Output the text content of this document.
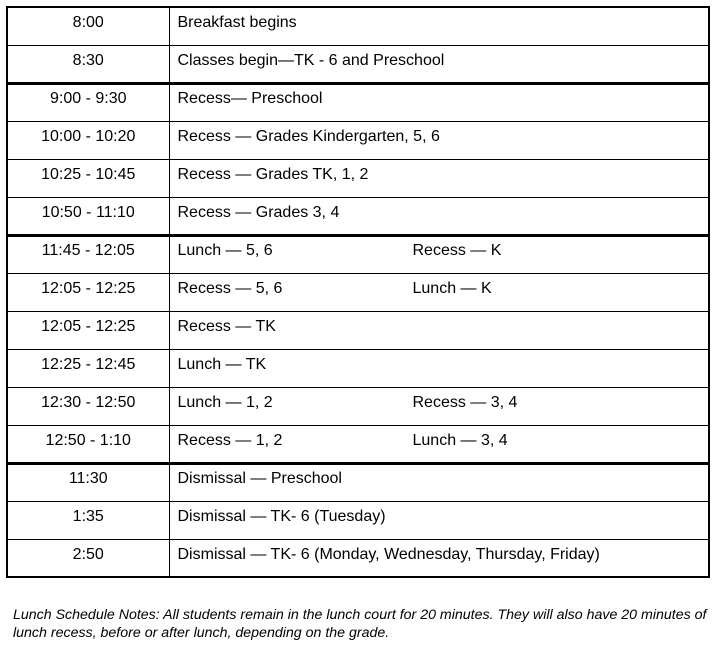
8:00	Breakfast begins
8:30	Classes begin—TK - 6 and Preschool
9:00 - 9:30	Recess— Preschool
10:00 - 10:20	Recess — Grades Kindergarten, 5, 6
10:25 - 10:45	Recess — Grades TK, 1, 2
10:50 - 11:10	Recess — Grades 3, 4
11:45 - 12:05	Lunch — 5, 6 Recess — K
12:05 - 12:25	Recess — 5, 6 Lunch — K
12:05 - 12:25	Recess — TK
12:25 - 12:45	Lunch — TK
12:30 - 12:50	Lunch — 1, 2 Recess — 3, 4
12:50 - 1:10	Recess — 1, 2 Lunch — 3, 4
11:30	Dismissal — Preschool
1:35	Dismissal — TK- 6 (Tuesday)
2:50	Dismissal — TK- 6 (Monday, Wednesday, Thursday, Friday)

Lunch Schedule Notes: All students remain in the lunch court for 20 minutes. They will also have 20 minutes of lunch recess, before or after lunch, depending on the grade.
